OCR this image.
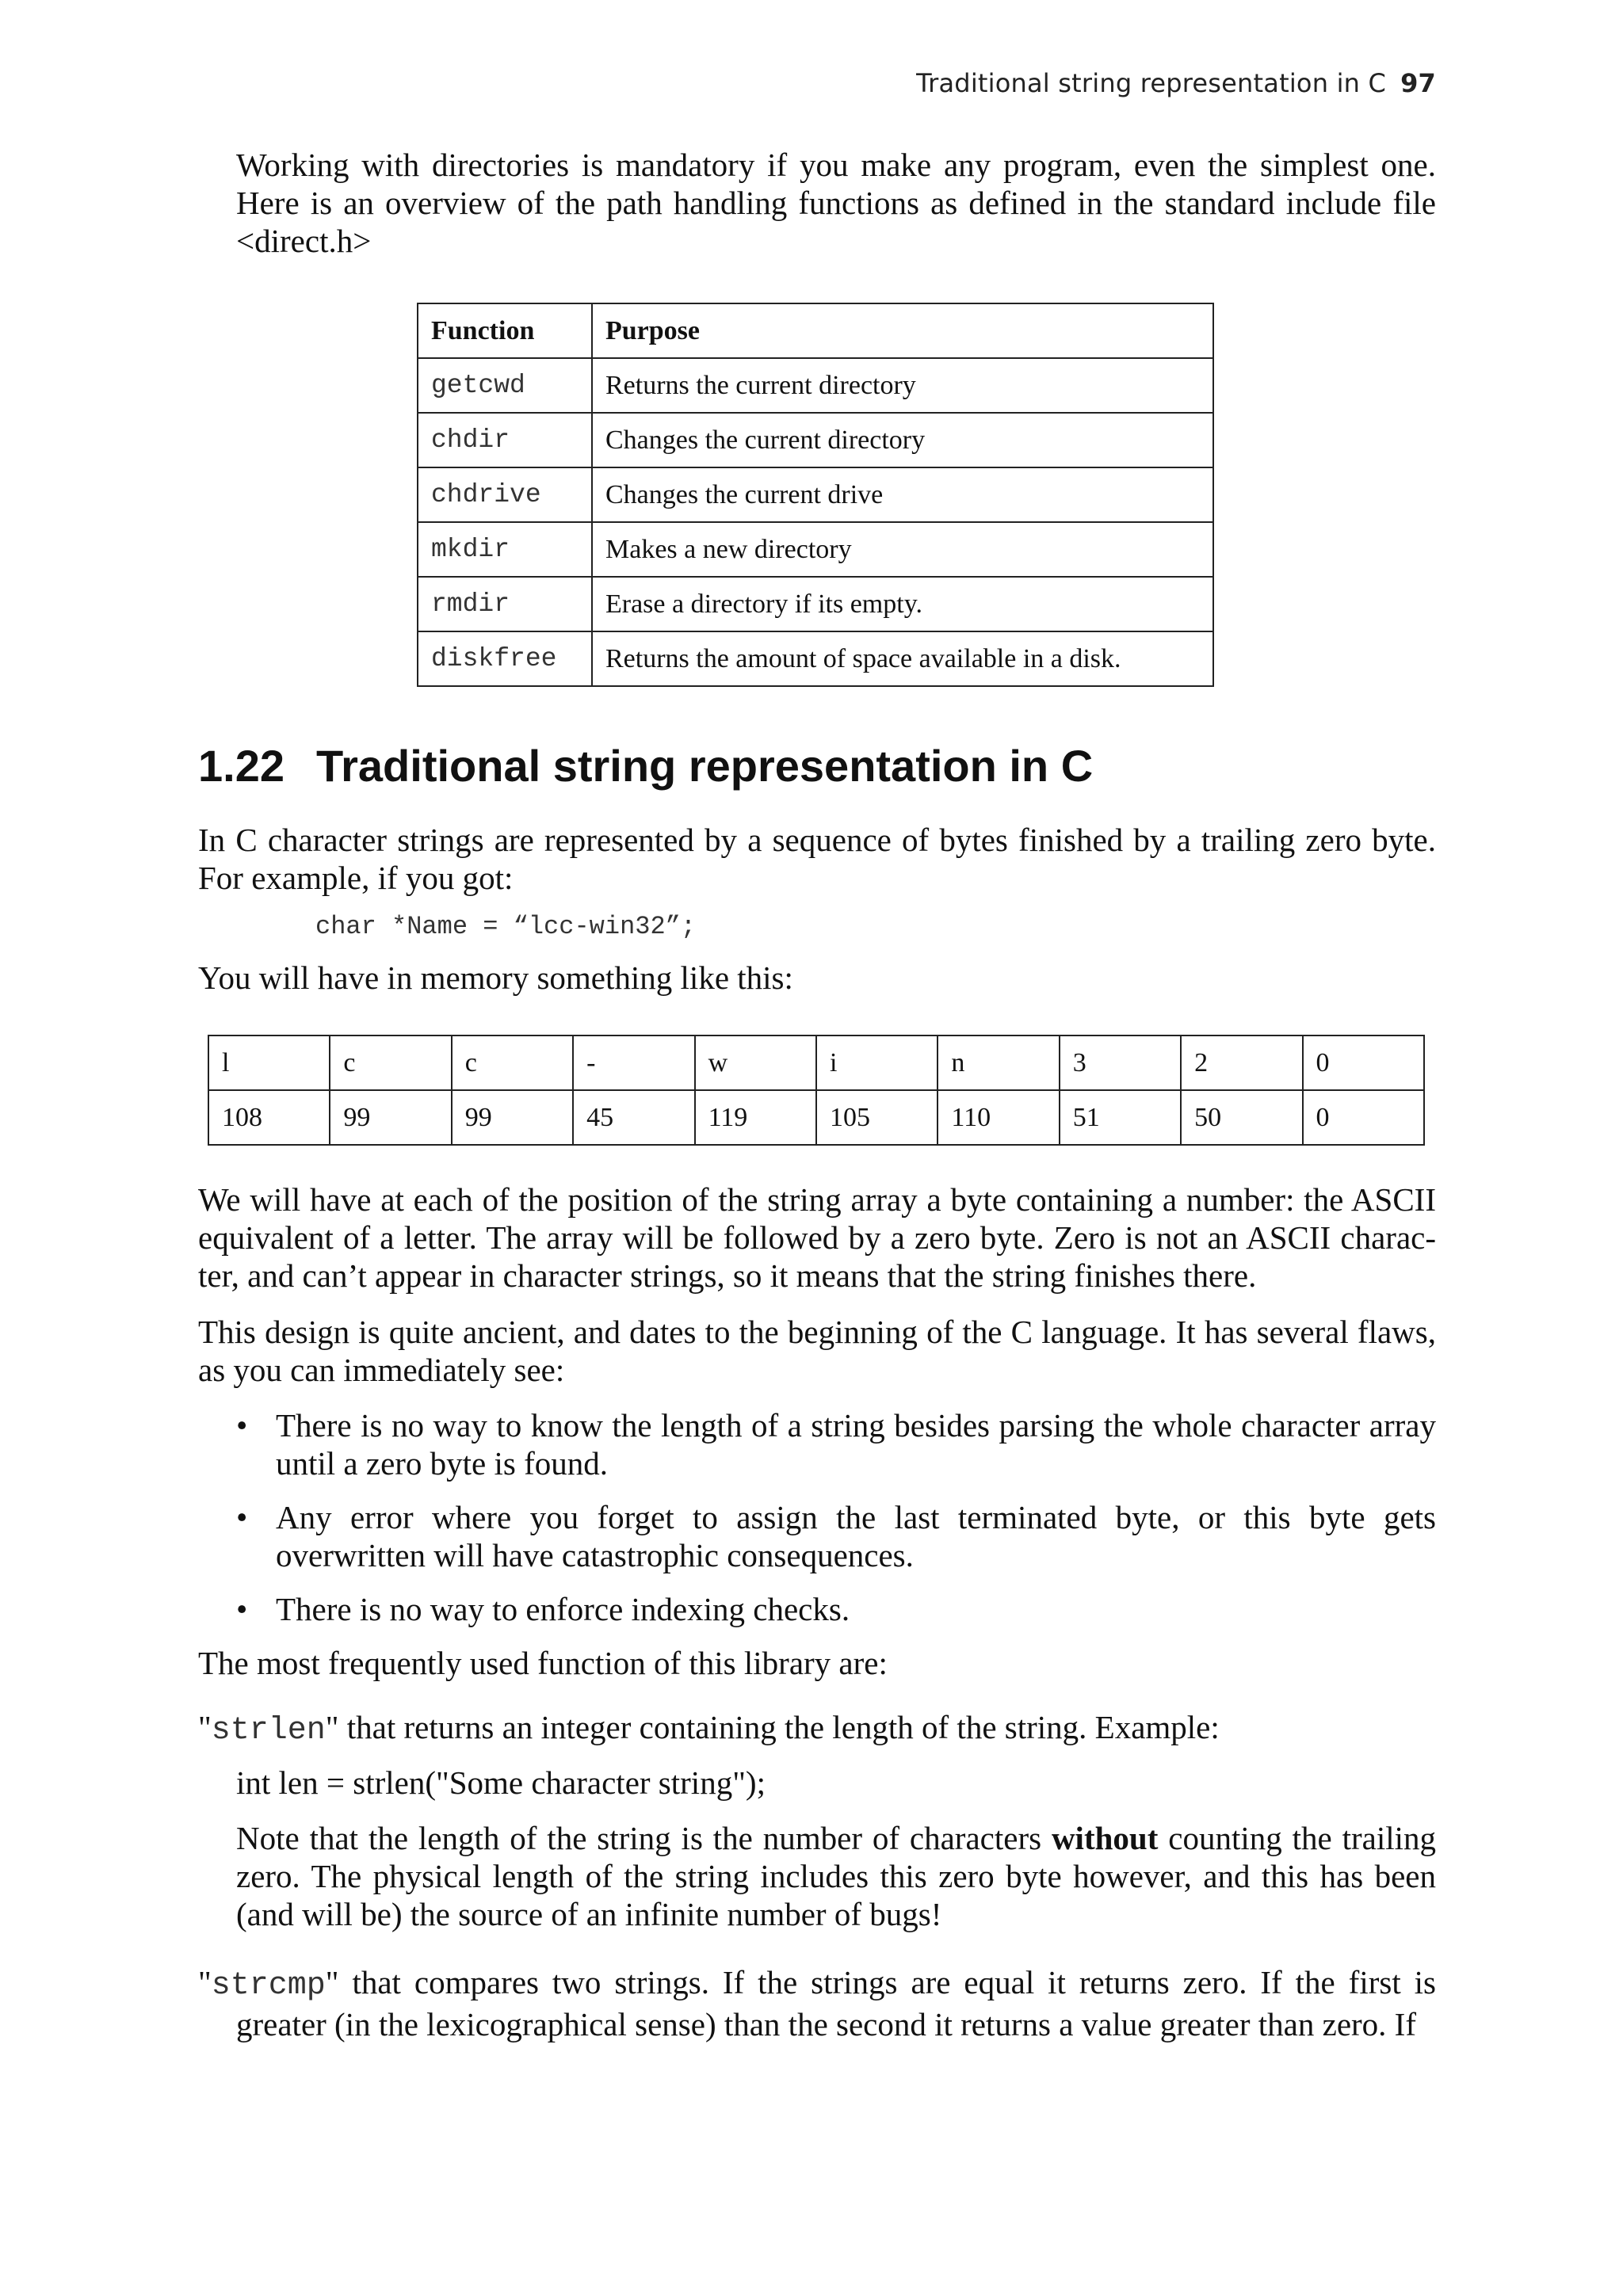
Traditional string representation in C 97

Working with directories is mandatory if you make any program, even the simplest one. Here is an overview of the path handling functions as defined in the standard include file <direct.h>

Function	Purpose
getcwd	Returns the current directory
chdir	Changes the current directory
chdrive	Changes the current drive
mkdir	Makes a new directory
rmdir	Erase a directory if its empty.
diskfree	Returns the amount of space available in a disk.
1.22 Traditional string representation in C

In C character strings are represented by a sequence of bytes finished by a trailing zero byte. For example, if you got:

char *Name = “lcc-win32”;

You will have in memory something like this:

l	c	c	-	w	i	n	3	2	0
108	99	99	45	119	105	110	51	50	0

We will have at each of the position of the string array a byte containing a number: the ASCII equivalent of a letter. The array will be followed by a zero byte. Zero is not an ASCII charac-ter, and can’t appear in character strings, so it means that the string finishes there.

This design is quite ancient, and dates to the beginning of the C language. It has several flaws, as you can immediately see:

• There is no way to know the length of a string besides parsing the whole character array until a zero byte is found.
• Any error where you forget to assign the last terminated byte, or this byte gets overwritten will have catastrophic consequences.
• There is no way to enforce indexing checks.

The most frequently used function of this library are:

"strlen" that returns an integer containing the length of the string. Example:

int len = strlen("Some character string");

Note that the length of the string is the number of characters without counting the trailing zero. The physical length of the string includes this zero byte however, and this has been (and will be) the source of an infinite number of bugs!

"strcmp" that compares two strings. If the strings are equal it returns zero. If the first is greater (in the lexicographical sense) than the second it returns a value greater than zero. If
